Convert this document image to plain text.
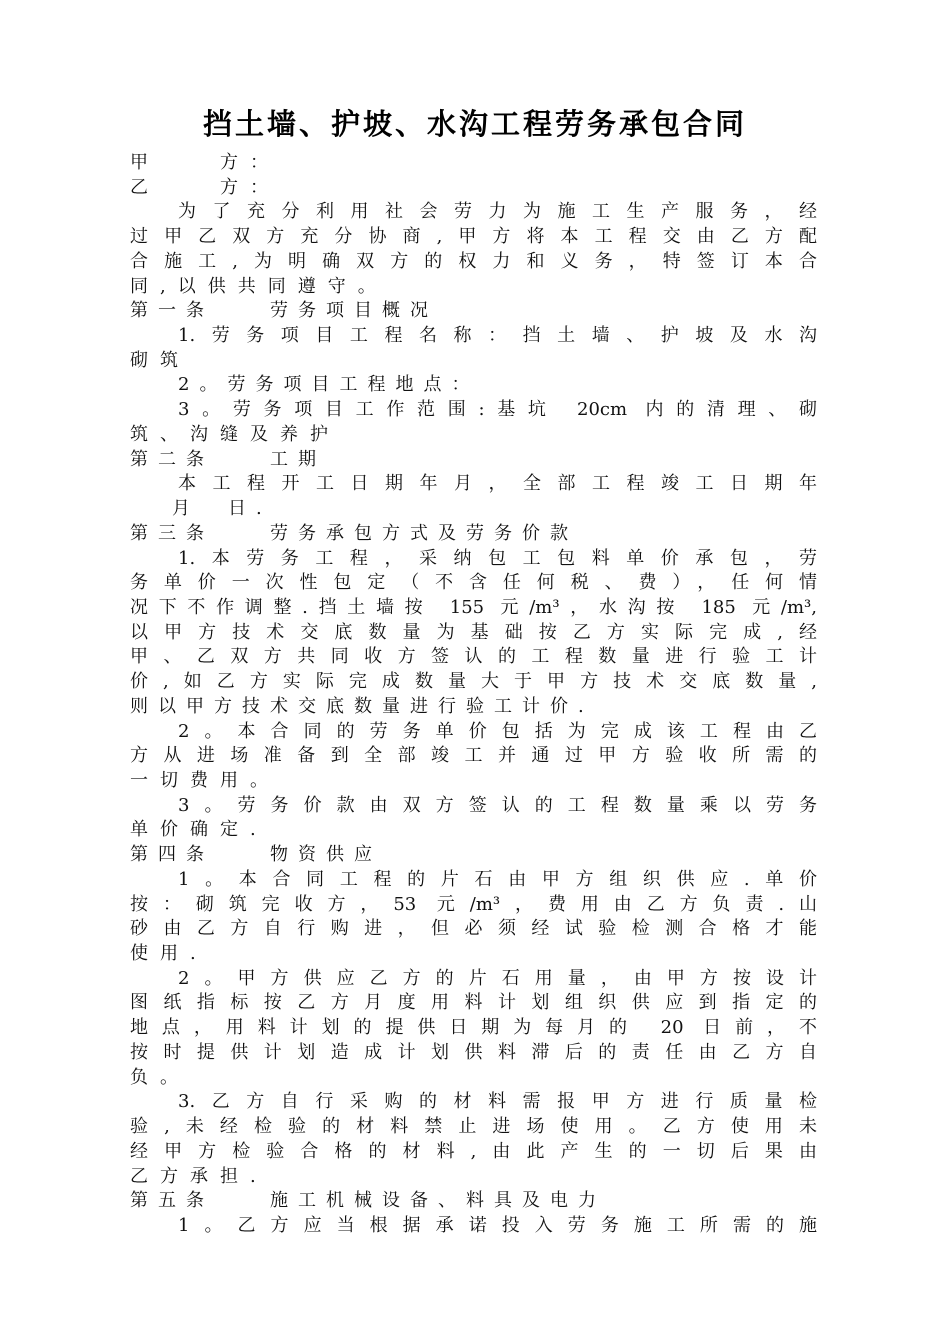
挡土墙、护坡、水沟工程劳务承包合同
甲　　方：
乙　　方：
为了充分利用社会劳力为施工生产服务，经
过甲乙双方充分协商,甲方将本工程交由乙方配
合施工,为明确双方的权力和义务，特签订本合
同,以供共同遵守。
第一条　　劳务项目概况
1.劳务项目工程名称：挡土墙、护坡及水沟
砌筑
2。劳务项目工程地点：
3。劳务项目工作范围:基坑 20cm 内的清理、砌
筑、沟缝及养护
第二条　　工期
本工程开工日期年月，全部工程竣工日期年
月　日.
第三条　　劳务承包方式及劳务价款
1.本劳务工程，采纳包工包料单价承包，劳
务单价一次性包定（不含任何税、费），任何情
况下不作调整.挡土墙按 155 元/m³，水沟按 185 元/m³,
以甲方技术交底数量为基础按乙方实际完成,经
甲、乙双方共同收方签认的工程数量进行验工计
价,如乙方实际完成数量大于甲方技术交底数量,
则以甲方技术交底数量进行验工计价.
2。本合同的劳务单价包括为完成该工程由乙
方从进场准备到全部竣工并通过甲方验收所需的
一切费用。
3。劳务价款由双方签认的工程数量乘以劳务
单价确定.
第四条　　物资供应
1。本合同工程的片石由甲方组织供应.单价
按：砌筑完收方，53 元/m³，费用由乙方负责.山
砂由乙方自行购进，但必须经试验检测合格才能
使用.
2。甲方供应乙方的片石用量，由甲方按设计
图纸指标按乙方月度用料计划组织供应到指定的
地点，用料计划的提供日期为每月的 20 日前，不
按时提供计划造成计划供料滞后的责任由乙方自
负。
3.乙方自行采购的材料需报甲方进行质量检
验,未经检验的材料禁止进场使用。乙方使用未
经甲方检验合格的材料,由此产生的一切后果由
乙方承担.
第五条　　施工机械设备、料具及电力
1。乙方应当根据承诺投入劳务施工所需的施
